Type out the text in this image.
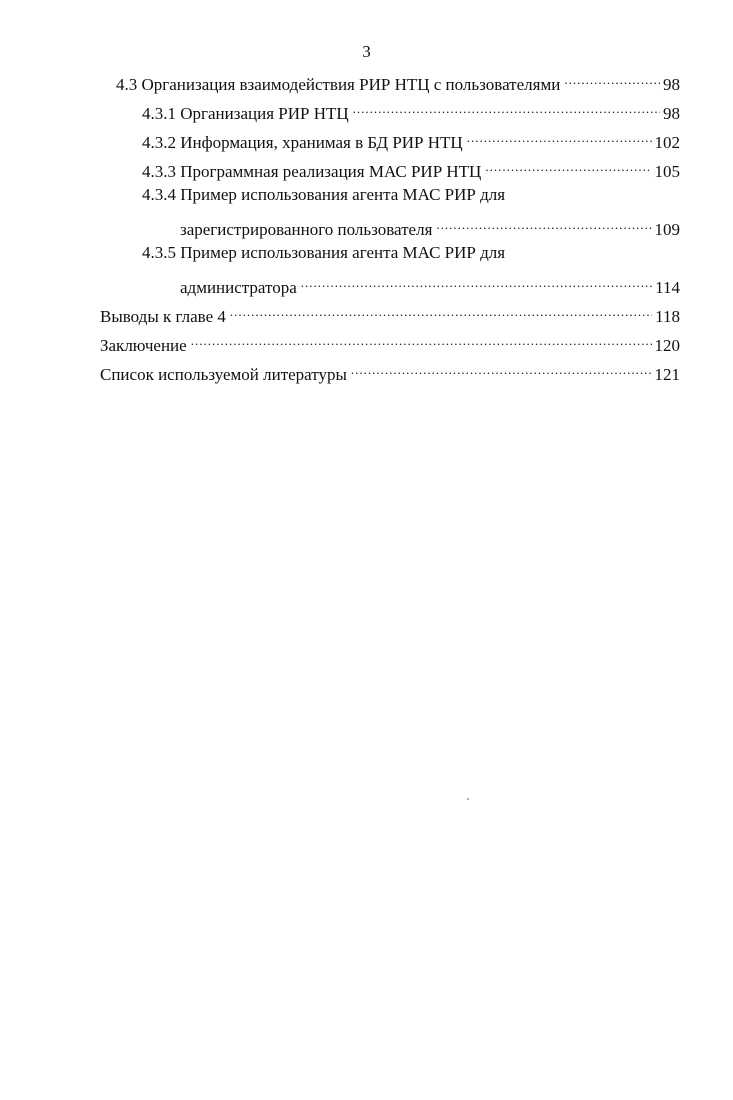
3
4.3 Организация взаимодействия РИР НТЦ с пользователями .....	98
4.3.1 Организация РИР НТЦ .....	98
4.3.2 Информация, хранимая в БД РИР НТЦ .....	102
4.3.3 Программная реализация МАС РИР НТЦ .....	105
4.3.4 Пример использования агента МАС РИР для
зарегистрированного пользователя .....	109
4.3.5 Пример использования агента МАС РИР для
администратора .....	114
Выводы к главе 4 .....	118
Заключение .....	120
Список используемой литературы .....	121
